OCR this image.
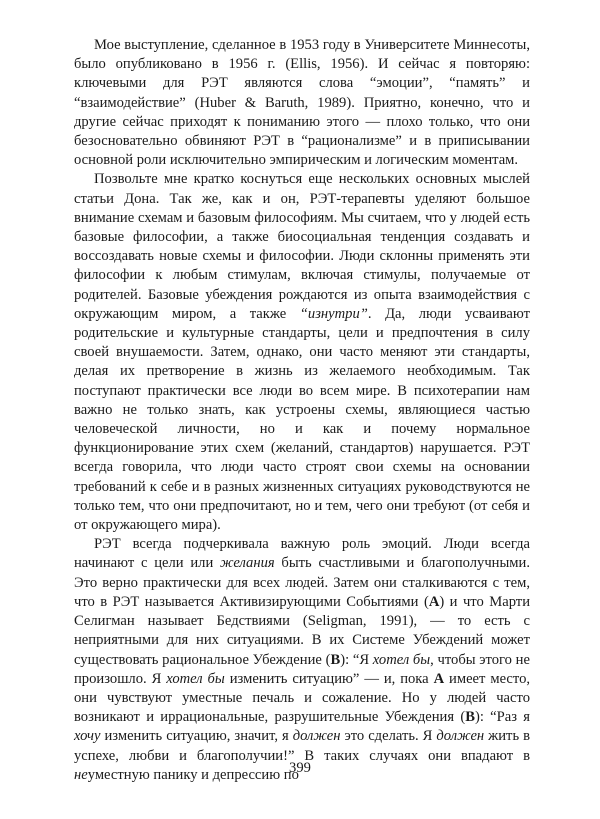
Мое выступление, сделанное в 1953 году в Университете Миннесоты, было опубликовано в 1956 г. (Ellis, 1956). И сейчас я повторяю: ключевыми для РЭТ являются слова “эмоции”, “память” и “взаимодействие” (Huber & Baruth, 1989). Приятно, конечно, что и другие сейчас приходят к пониманию этого — плохо только, что они безосновательно обвиняют РЭТ в “рационализме” и в приписывании основной роли исключительно эмпирическим и логическим моментам.

Позвольте мне кратко коснуться еще нескольких основных мыслей статьи Дона. Так же, как и он, РЭТ-терапевты уделяют большое внимание схемам и базовым философиям. Мы считаем, что у людей есть базовые философии, а также биосоциальная тенденция создавать и воссоздавать новые схемы и философии. Люди склонны применять эти философии к любым стимулам, включая стимулы, получаемые от родителей. Базовые убеждения рождаются из опыта взаимодействия с окружающим миром, а также “изнутри”. Да, люди усваивают родительские и культурные стандарты, цели и предпочтения в силу своей внушаемости. Затем, однако, они часто меняют эти стандарты, делая их претворение в жизнь из желаемого необходимым. Так поступают практически все люди во всем мире. В психотерапии нам важно не только знать, как устроены схемы, являющиеся частью человеческой личности, но и как и почему нормальное функционирование этих схем (желаний, стандартов) нарушается. РЭТ всегда говорила, что люди часто строят свои схемы на основании требований к себе и в разных жизненных ситуациях руководствуются не только тем, что они предпочитают, но и тем, чего они требуют (от себя и от окружающего мира).

РЭТ всегда подчеркивала важную роль эмоций. Люди всегда начинают с цели или желания быть счастливыми и благополучными. Это верно практически для всех людей. Затем они сталкиваются с тем, что в РЭТ называется Активизирующими Событиями (A) и что Марти Селигман называет Бедствиями (Seligman, 1991), — то есть с неприятными для них ситуациями. В их Системе Убеждений может существовать рациональное Убеждение (B): “Я хотел бы, чтобы этого не произошло. Я хотел бы изменить ситуацию” — и, пока A имеет место, они чувствуют уместные печаль и сожаление. Но у людей часто возникают и иррациональные, разрушительные Убеждения (B): “Раз я хочу изменить ситуацию, значит, я должен это сделать. Я должен жить в успехе, любви и благополучии!” В таких случаях они впадают в неуместную панику и депрессию по

399
